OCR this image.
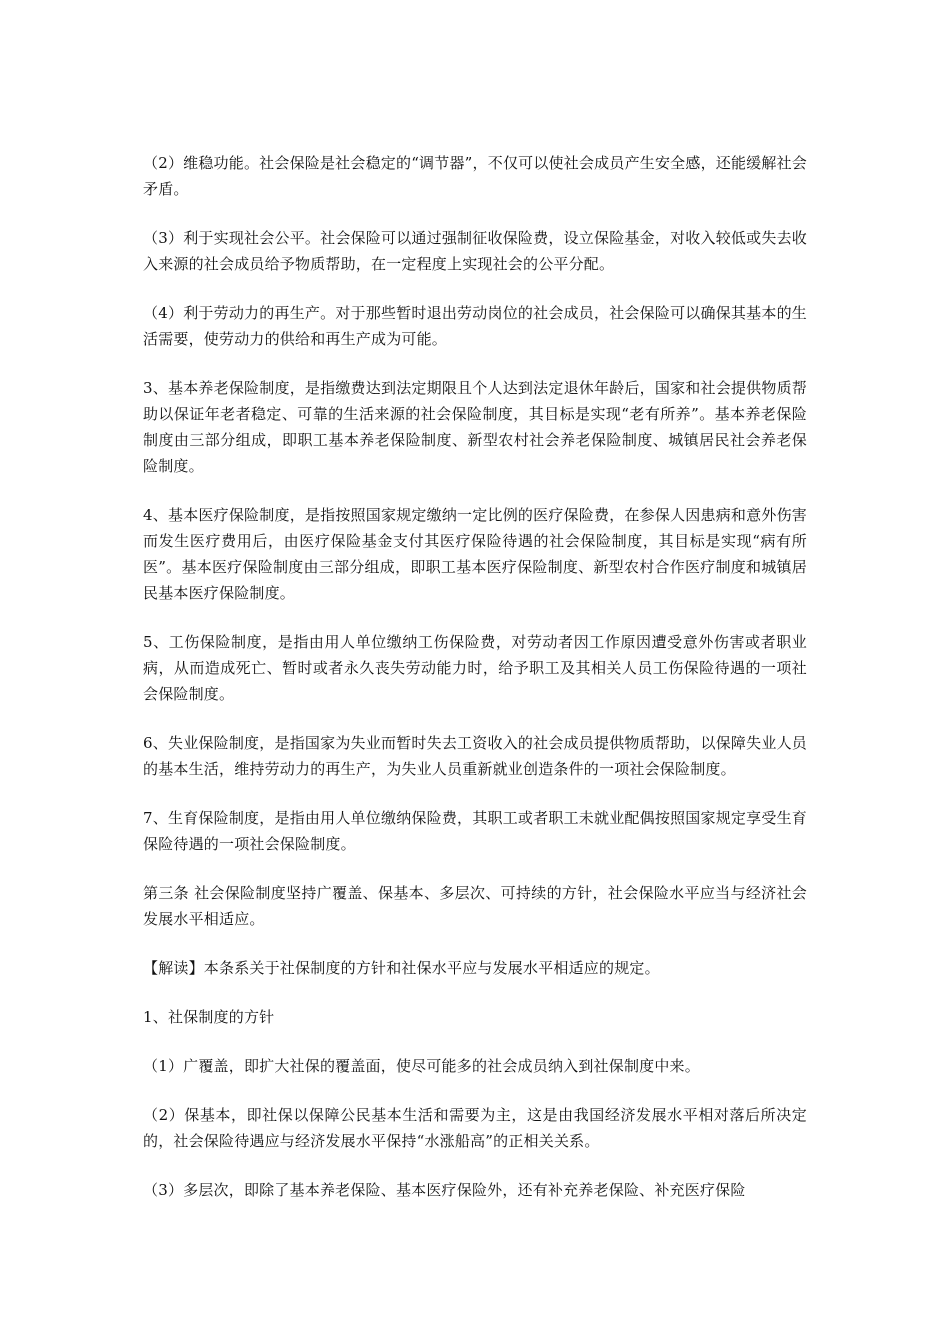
（2）维稳功能。社会保险是社会稳定的“调节器”，不仅可以使社会成员产生安全感，还能缓解社会矛盾。

（3）利于实现社会公平。社会保险可以通过强制征收保险费，设立保险基金，对收入较低或失去收入来源的社会成员给予物质帮助，在一定程度上实现社会的公平分配。

（4）利于劳动力的再生产。对于那些暂时退出劳动岗位的社会成员，社会保险可以确保其基本的生活需要，使劳动力的供给和再生产成为可能。

3、基本养老保险制度，是指缴费达到法定期限且个人达到法定退休年龄后，国家和社会提供物质帮助以保证年老者稳定、可靠的生活来源的社会保险制度，其目标是实现“老有所养”。基本养老保险制度由三部分组成，即职工基本养老保险制度、新型农村社会养老保险制度、城镇居民社会养老保险制度。

4、基本医疗保险制度，是指按照国家规定缴纳一定比例的医疗保险费，在参保人因患病和意外伤害而发生医疗费用后，由医疗保险基金支付其医疗保险待遇的社会保险制度，其目标是实现“病有所医”。基本医疗保险制度由三部分组成，即职工基本医疗保险制度、新型农村合作医疗制度和城镇居民基本医疗保险制度。

5、工伤保险制度，是指由用人单位缴纳工伤保险费，对劳动者因工作原因遭受意外伤害或者职业病，从而造成死亡、暂时或者永久丧失劳动能力时，给予职工及其相关人员工伤保险待遇的一项社会保险制度。

6、失业保险制度，是指国家为失业而暂时失去工资收入的社会成员提供物质帮助，以保障失业人员的基本生活，维持劳动力的再生产，为失业人员重新就业创造条件的一项社会保险制度。

7、生育保险制度，是指由用人单位缴纳保险费，其职工或者职工未就业配偶按照国家规定享受生育保险待遇的一项社会保险制度。

第三条 社会保险制度坚持广覆盖、保基本、多层次、可持续的方针，社会保险水平应当与经济社会发展水平相适应。

【解读】本条系关于社保制度的方针和社保水平应与发展水平相适应的规定。

1、社保制度的方针

（1）广覆盖，即扩大社保的覆盖面，使尽可能多的社会成员纳入到社保制度中来。

（2）保基本，即社保以保障公民基本生活和需要为主，这是由我国经济发展水平相对落后所决定的，社会保险待遇应与经济发展水平保持“水涨船高”的正相关关系。

（3）多层次，即除了基本养老保险、基本医疗保险外，还有补充养老保险、补充医疗保险
